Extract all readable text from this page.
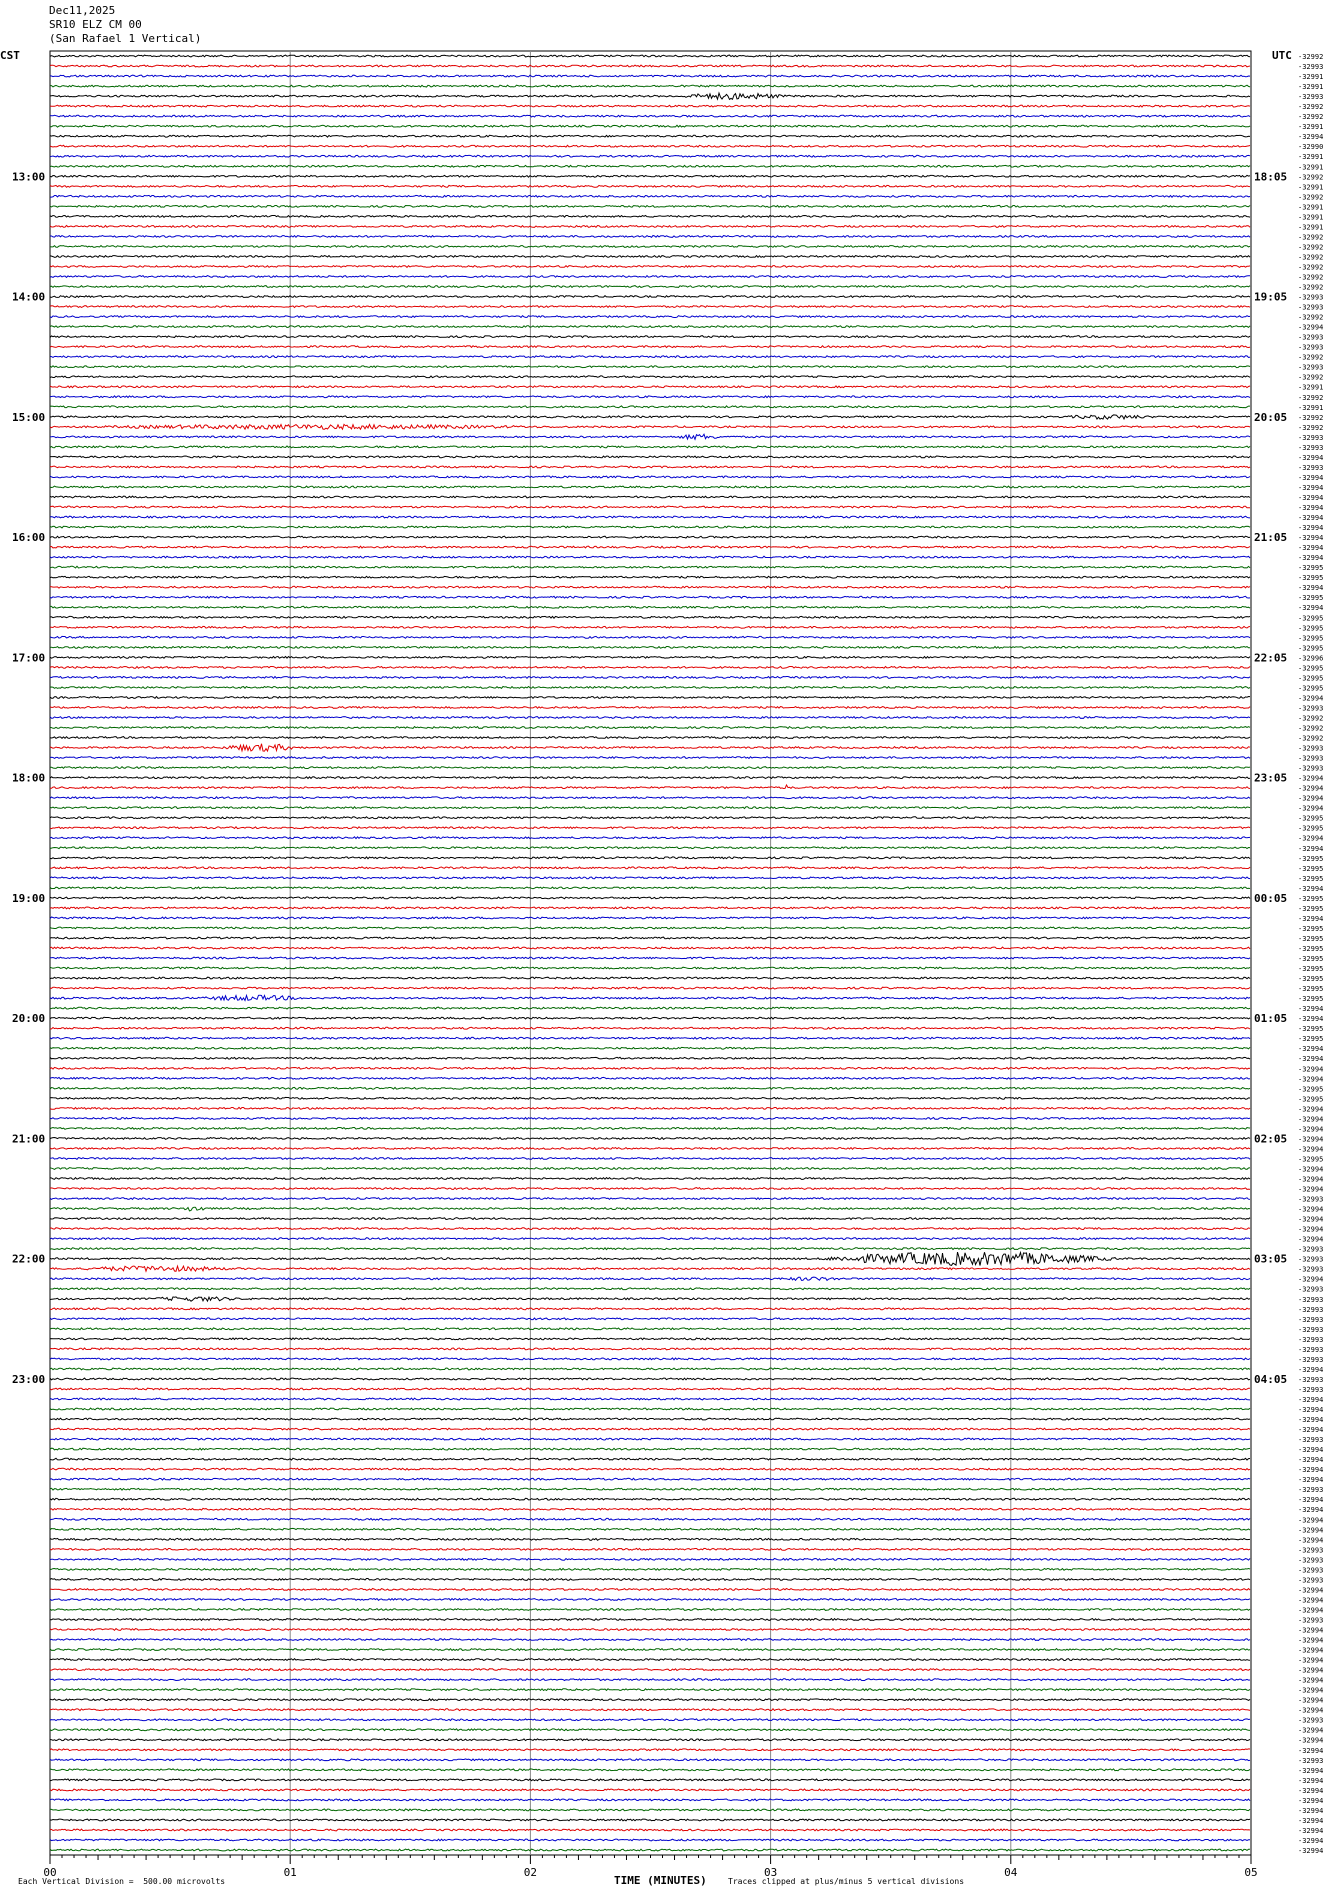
Dec11,2025
SR10 ELZ CM 00
(San Rafael 1 Vertical)
CST	UTC -32992
-32993
-32991
-32991
-32993
-32992
-32992
-32991
-32994
-32990
-32991
-32991
-32992
-32991
-32992
-32991
-32991
-32991
-32992
-32992
-32992
-32992
-32992
-32992
-32993
-32993
-32992
-32994
-32993
-32993
-32992
-32993
-32992
-32991
-32992
-32991
-32992
-32992
-32993
-32993
-32994
-32993
-32994
-32994
-32994
-32994
-32994
-32994
-32994
-32994
-32994
-32995
-32995
-32994
-32995
-32994
-32995
-32995
-32995
-32995
-32996
-32995
-32995
-32995
-32994
-32993
-32992
-32992
-32992
-32993
-32993
-32993
-32994
-32994
-32994
-32994
-32995
-32995
-32994
-32994
-32995
-32995
-32995
-32994
-32995
-32995
-32994
-32995
-32995
-32995
-32995
-32995
-32995
-32995
-32995
-32994
-32994
-32995
-32995
-32994
-32994
-32994
-32994
-32995
-32995
-32994
-32994
-32994
-32994
-32994
-32995
-32994
-32994
-32994
-32993
-32994
-32994
-32994
-32994
-32993
-32993
-32993
-32994
-32993
-32993
-32993
-32993
-32993
-32993
-32993
-32993
-32994
-32993
-32993
-32994
-32994
-32994
-32994
-32993
-32994
-32994
-32994
-32994
-32993
-32994
-32994
-32994
-32994
-32994
-32993
-32993
-32993
-32993
-32994
-32994
-32994
-32993
-32994
-32994
-32994
-32994
-32994
-32994
-32994
-32994
-32994
-32993
-32994
-32994
-32994
-32993
-32994
-32994
-32994
-32994
-32994
-32994
-32994
-32994
-32994
13:00	18:05
14:00	19:05
15:00	20:05
16:00	21:05
17:00	22:05
18:00	23:05
19:00	00:05
20:00	01:05
21:00	02:05
22:00	03:05
23:00	04:05
00	01	02	03	04	05
Each Vertical Division =  500.00 microvolts	TIME (MINUTES)	Traces clipped at plus/minus 5 vertical divisions
